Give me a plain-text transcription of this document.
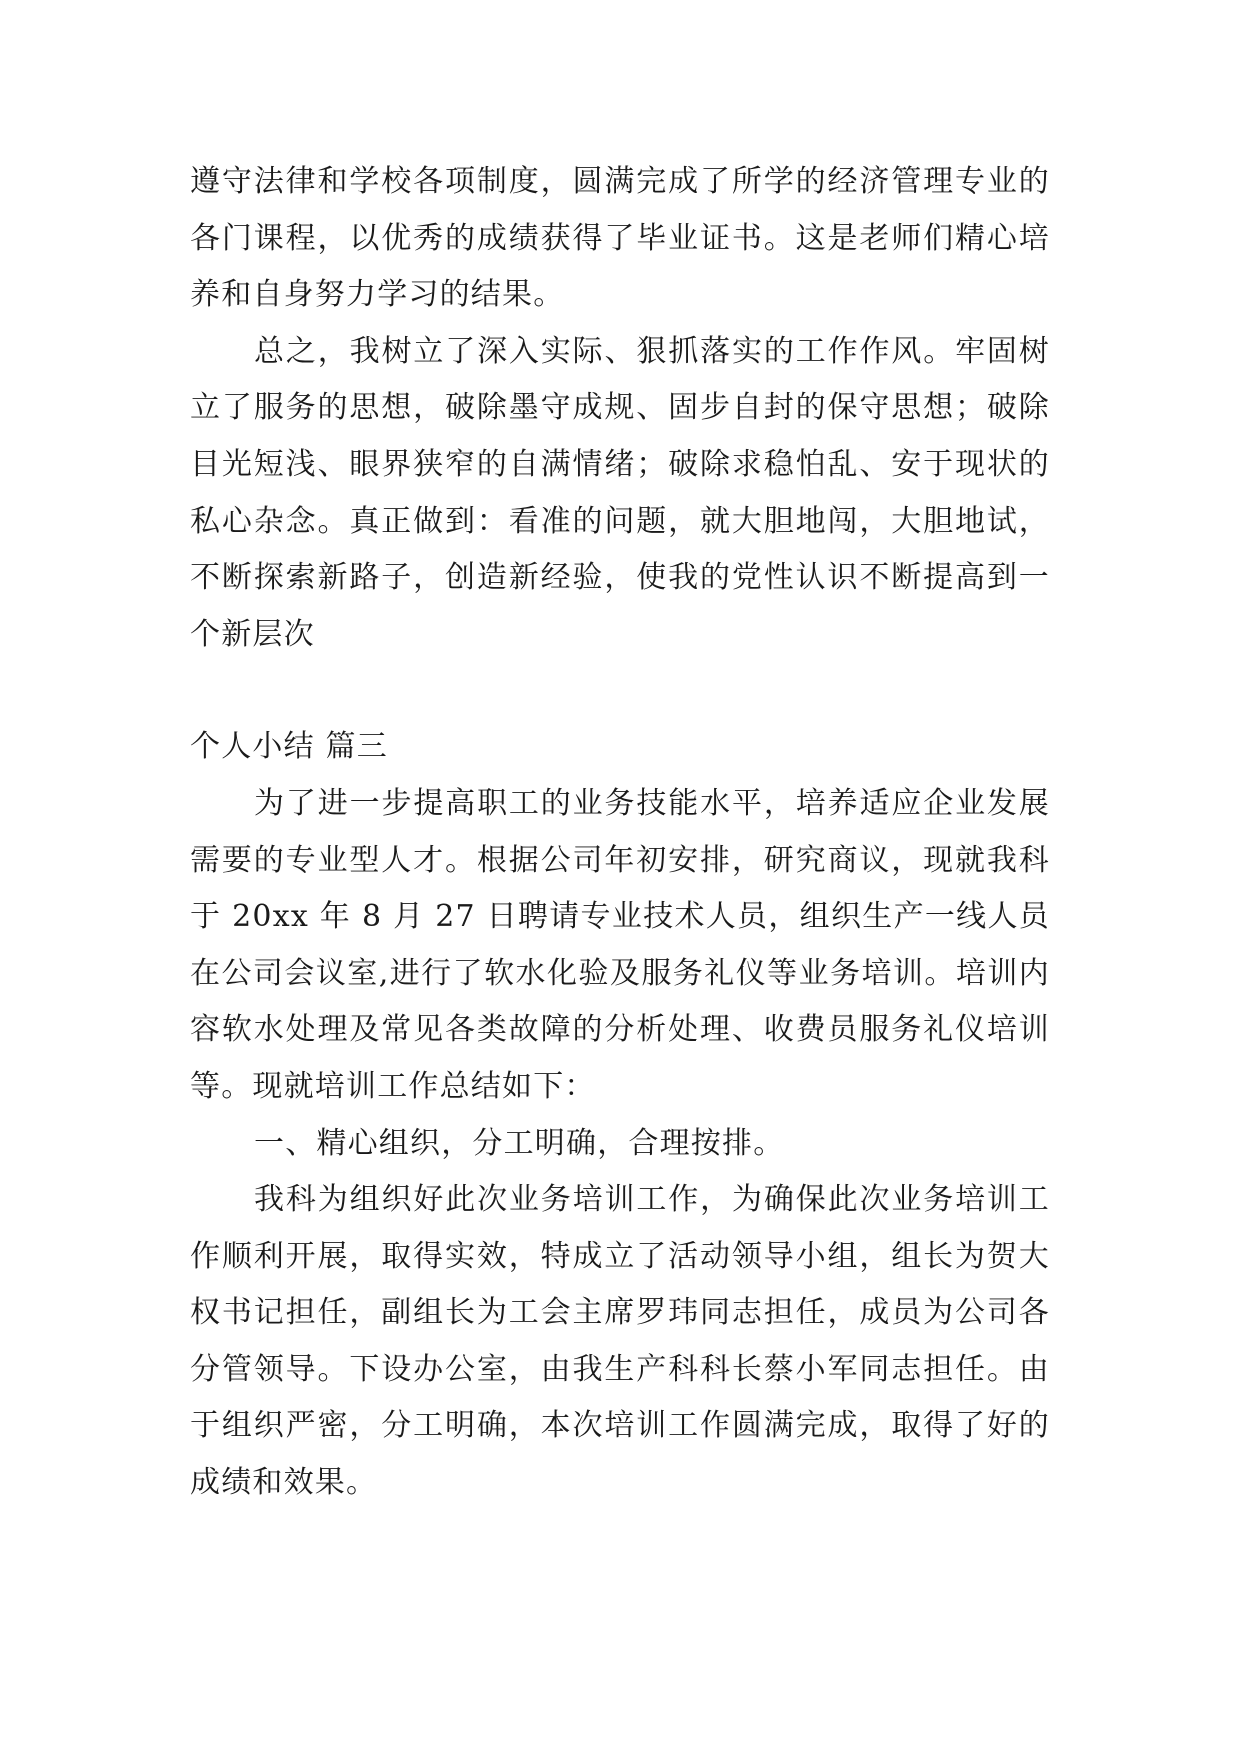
遵守法律和学校各项制度，圆满完成了所学的经济管理专业的各门课程，以优秀的成绩获得了毕业证书。这是老师们精心培养和自身努力学习的结果。

总之，我树立了深入实际、狠抓落实的工作作风。牢固树立了服务的思想，破除墨守成规、固步自封的保守思想；破除目光短浅、眼界狭窄的自满情绪；破除求稳怕乱、安于现状的私心杂念。真正做到：看准的问题，就大胆地闯，大胆地试，不断探索新路子，创造新经验，使我的党性认识不断提高到一个新层次

个人小结 篇三

为了进一步提高职工的业务技能水平，培养适应企业发展需要的专业型人才。根据公司年初安排，研究商议，现就我科于 20xx 年 8 月 27 日聘请专业技术人员，组织生产一线人员在公司会议室,进行了软水化验及服务礼仪等业务培训。培训内容软水处理及常见各类故障的分析处理、收费员服务礼仪培训等。现就培训工作总结如下：

一、精心组织，分工明确，合理按排。

我科为组织好此次业务培训工作，为确保此次业务培训工作顺利开展，取得实效，特成立了活动领导小组，组长为贺大权书记担任，副组长为工会主席罗玮同志担任，成员为公司各分管领导。下设办公室，由我生产科科长蔡小军同志担任。由于组织严密，分工明确，本次培训工作圆满完成，取得了好的成绩和效果。
